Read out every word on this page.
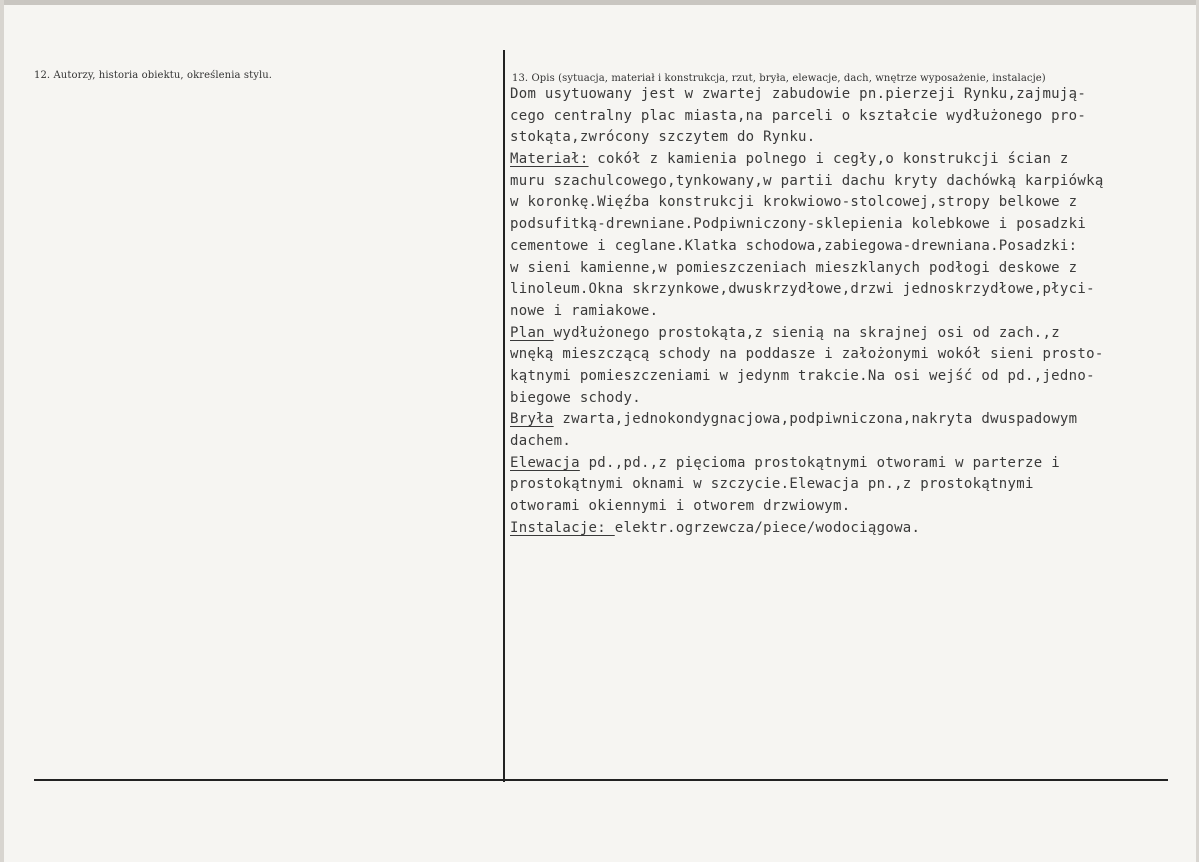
12. Autorzy, historia obiektu, określenia stylu.	13. Opis (sytuacja, materiał i konstrukcja, rzut, bryła, elewacje, dach, wnętrze wyposażenie, instalacje)
Dom usytuowany jest w zwartej zabudowie pn.pierzeji Rynku,zajmują-
cego centralny plac miasta,na parceli o kształcie wydłużonego pro-
stokąta,zwrócony szczytem do Rynku.
Materiał: cokół z kamienia polnego i cegły,o konstrukcji ścian z
muru szachulcowego,tynkowany,w partii dachu kryty dachówką karpiówką
w koronkę.Więźba konstrukcji krokwiowo-stolcowej,stropy belkowe z
podsufitką-drewniane.Podpiwniczony-sklepienia kolebkowe i posadzki
cementowe i ceglane.Klatka schodowa,zabiegowa-drewniana.Posadzki:
w sieni kamienne,w pomieszczeniach mieszklanych podłogi deskowe z
linoleum.Okna skrzynkowe,dwuskrzydłowe,drzwi jednoskrzydłowe,płyci-
nowe i ramiakowe.
Plan wydłużonego prostokąta,z sienią na skrajnej osi od zach.,z
wnęką mieszczącą schody na poddasze i założonymi wokół sieni prosto-
kątnymi pomieszczeniami w jedynm trakcie.Na osi wejść od pd.,jedno-
biegowe schody.
Bryła zwarta,jednokondygnacjowa,podpiwniczona,nakryta dwuspadowym
dachem.
Elewacja pd.,pd.,z pięcioma prostokątnymi otworami w parterze i
prostokątnymi oknami w szczycie.Elewacja pn.,z prostokątnymi
otworami okiennymi i otworem drzwiowym.
Instalacje: elektr.ogrzewcza/piece/wodociągowa.
